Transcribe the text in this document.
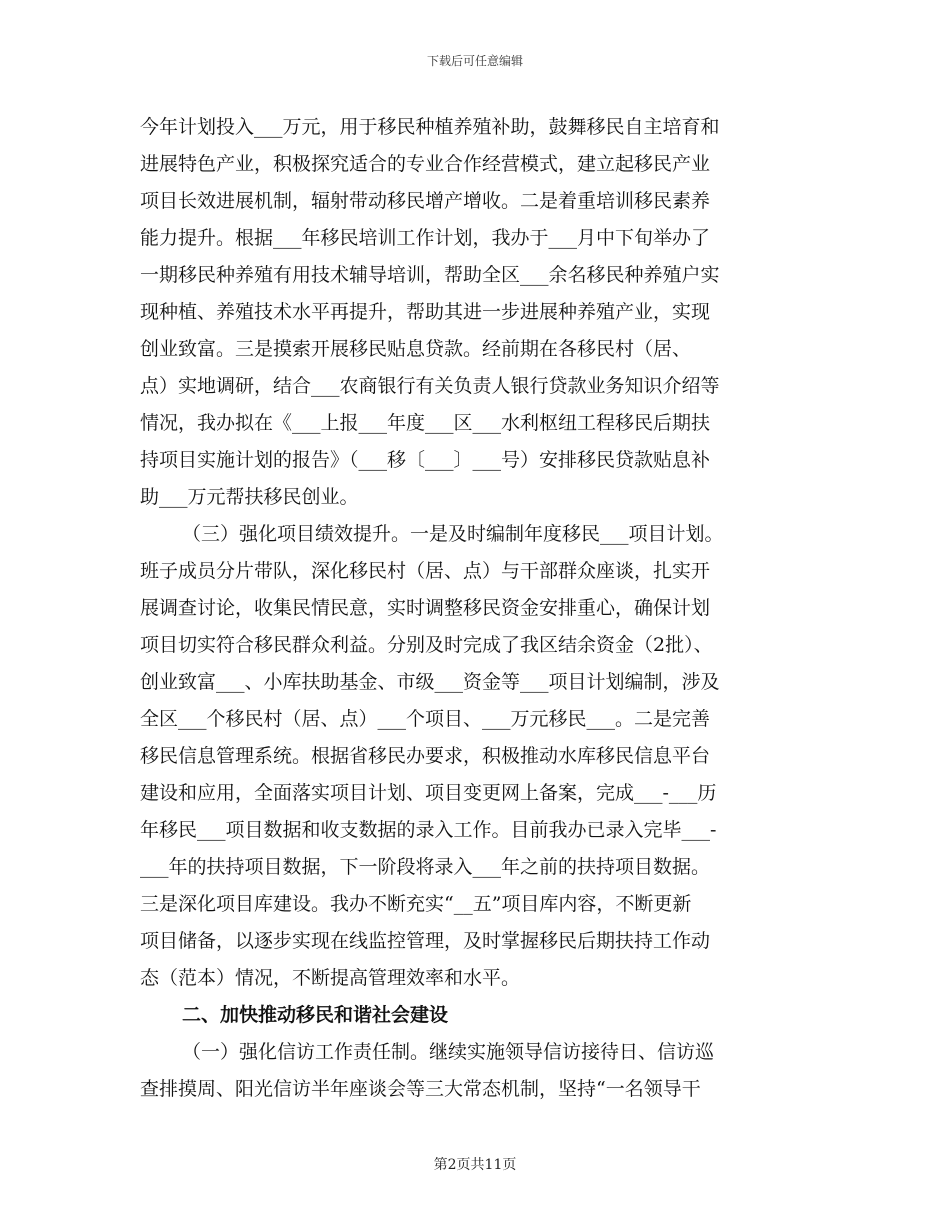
下载后可任意编辑
今年计划投入___万元，用于移民种植养殖补助，鼓舞移民自主培育和
进展特色产业，积极探究适合的专业合作经营模式，建立起移民产业
项目长效进展机制，辐射带动移民增产增收。二是着重培训移民素养
能力提升。根据___年移民培训工作计划，我办于___月中下旬举办了
一期移民种养殖有用技术辅导培训，帮助全区___余名移民种养殖户实
现种植、养殖技术水平再提升，帮助其进一步进展种养殖产业，实现
创业致富。三是摸索开展移民贴息贷款。经前期在各移民村（居、
点）实地调研，结合___农商银行有关负责人银行贷款业务知识介绍等
情况，我办拟在《___上报___年度___区___水利枢纽工程移民后期扶
持项目实施计划的报告》（___移〔___〕___号）安排移民贷款贴息补
助___万元帮扶移民创业。
（三）强化项目绩效提升。一是及时编制年度移民___项目计划。
班子成员分片带队，深化移民村（居、点）与干部群众座谈，扎实开
展调查讨论，收集民情民意，实时调整移民资金安排重心，确保计划
项目切实符合移民群众利益。分别及时完成了我区结余资金（2批）、
创业致富___、小库扶助基金、市级___资金等___项目计划编制，涉及
全区___个移民村（居、点）___个项目、___万元移民___。二是完善
移民信息管理系统。根据省移民办要求，积极推动水库移民信息平台
建设和应用，全面落实项目计划、项目变更网上备案，完成___-___历
年移民___项目数据和收支数据的录入工作。目前我办已录入完毕___-
___年的扶持项目数据，下一阶段将录入___年之前的扶持项目数据。
三是深化项目库建设。我办不断充实“__五”项目库内容，不断更新
项目储备，以逐步实现在线监控管理，及时掌握移民后期扶持工作动
态（范本）情况，不断提高管理效率和水平。
二、加快推动移民和谐社会建设
（一）强化信访工作责任制。继续实施领导信访接待日、信访巡
查排摸周、阳光信访半年座谈会等三大常态机制，坚持“一名领导干
第2页共11页
